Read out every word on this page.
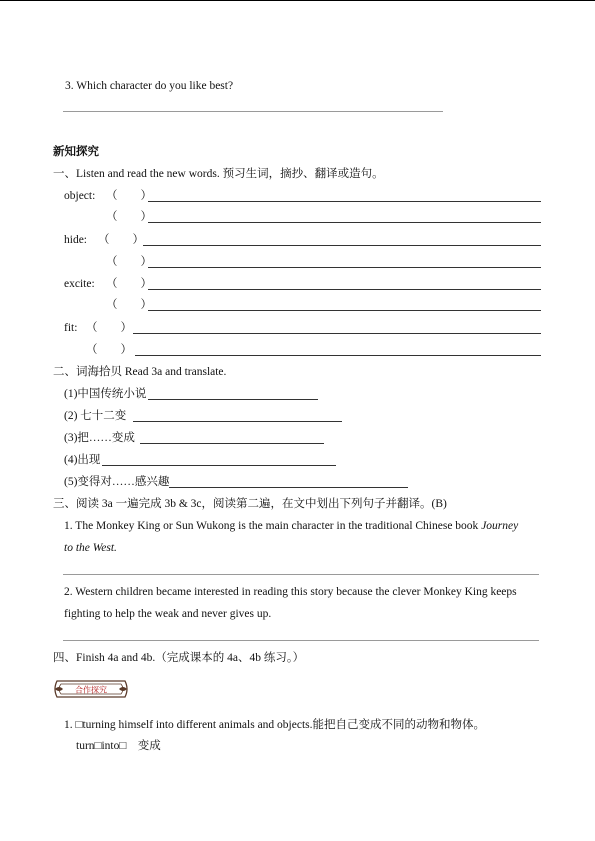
3. Which character do you like best?
新知探究
一、Listen and read the new words. 预习生词，摘抄、翻译或造句。
object: （　　）
（　　）
hide: （　　）
（　　）
excite: （　　）
（　　）
fit: （　　）
（　　）
二、词海拾贝 Read 3a and translate.
(1)中国传统小说
(2) 七十二变
(3)把……变成
(4)出现
(5)变得对……感兴趣
三、阅读 3a 一遍完成 3b & 3c，阅读第二遍，在文中划出下列句子并翻译。(B)
1. The Monkey King or Sun Wukong is the main character in the traditional Chinese book Journey
to the West.
2. Western children became interested in reading this story because the clever Monkey King keeps
fighting to help the weak and never gives up.
四、Finish 4a and 4b.（完成课本的 4a、4b 练习。）
合作探究
1. □turning himself into different animals and objects.能把自己变成不同的动物和物体。
turn□into□　变成
